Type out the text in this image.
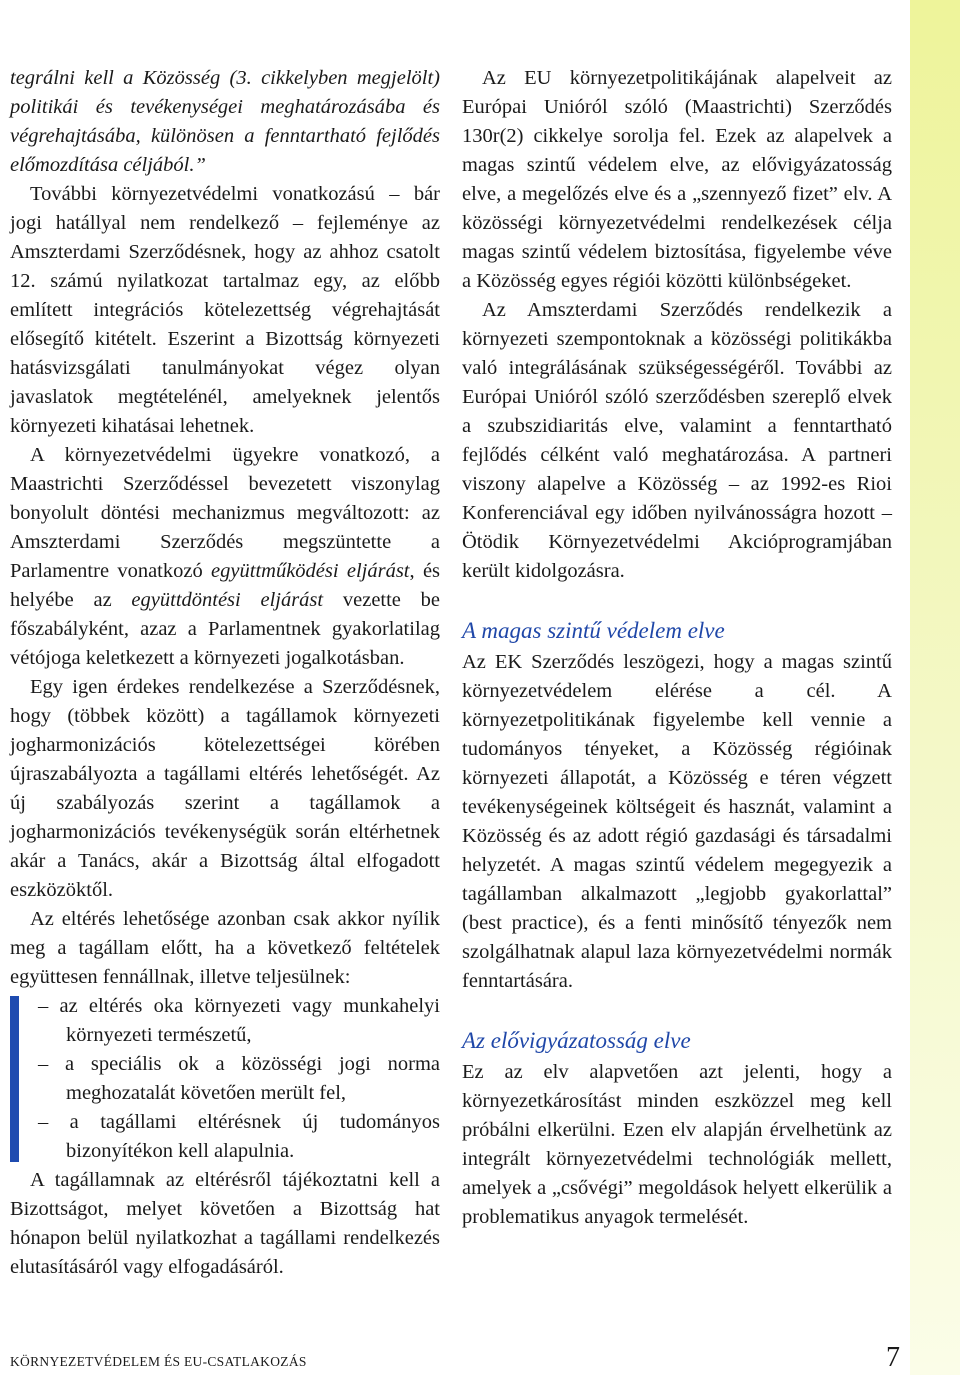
tegrálni kell a Közösség (3. cikkelyben megjelölt) politikái és tevékenységei meghatározásába és végrehajtásába, különösen a fenntartható fejlődés előmozdítása céljából.”

További környezetvédelmi vonatkozású – bár jogi hatállyal nem rendelkező – fejleménye az Amszterdami Szerződésnek, hogy az ahhoz csatolt 12. számú nyilatkozat tartalmaz egy, az előbb említett integrációs kötelezettség végrehajtását elősegítő kitételt. Eszerint a Bizottság környezeti hatásvizsgálati tanulmányokat végez olyan javaslatok megtételénél, amelyeknek jelentős környezeti kihatásai lehetnek.

A környezetvédelmi ügyekre vonatkozó, a Maastrichti Szerződéssel bevezetett viszonylag bonyolult döntési mechanizmus megváltozott: az Amszterdami Szerződés megszüntette a Parlamentre vonatkozó együttműködési eljárást, és helyébe az együttdöntési eljárást vezette be főszabályként, azaz a Parlamentnek gyakorlatilag vétójoga keletkezett a környezeti jogalkotásban.

Egy igen érdekes rendelkezése a Szerződésnek, hogy (többek között) a tagállamok környezeti jogharmonizációs kötelezettségei körében újraszabályozta a tagállami eltérés lehetőségét. Az új szabályozás szerint a tagállamok a jogharmonizációs tevékenységük során eltérhetnek akár a Tanács, akár a Bizottság által elfogadott eszközöktől.

Az eltérés lehetősége azonban csak akkor nyílik meg a tagállam előtt, ha a következő feltételek együttesen fennállnak, illetve teljesülnek:

– az eltérés oka környezeti vagy munkahelyi környezeti természetű,
– a speciális ok a közösségi jogi norma meghozatalát követően merült fel,
– a tagállami eltérésnek új tudományos bizonyítékon kell alapulnia.

A tagállamnak az eltérésről tájékoztatni kell a Bizottságot, melyet követően a Bizottság hat hónapon belül nyilatkozhat a tagállami rendelkezés elutasításáról vagy elfogadásáról.

Az EU környezetpolitikájának alapelveit az Európai Unióról szóló (Maastrichti) Szerződés 130r(2) cikkelye sorolja fel. Ezek az alapelvek a magas szintű védelem elve, az elővigyázatosság elve, a megelőzés elve és a „szennyező fizet” elv. A közösségi környezetvédelmi rendelkezések célja magas szintű védelem biztosítása, figyelembe véve a Közösség egyes régiói közötti különbségeket.

Az Amszterdami Szerződés rendelkezik a környezeti szempontoknak a közösségi politikákba való integrálásának szükségességéről. További az Európai Unióról szóló szerződésben szereplő elvek a szubszidiaritás elve, valamint a fenntartható fejlődés célként való meghatározása. A partneri viszony alapelve a Közösség – az 1992-es Rioi Konferenciával egy időben nyilvánosságra hozott – Ötödik Környezetvédelmi Akcióprogramjában került kidolgozásra.

A magas szintű védelem elve

Az EK Szerződés leszögezi, hogy a magas szintű környezetvédelem elérése a cél. A környezetpolitikának figyelembe kell vennie a tudományos tényeket, a Közösség régióinak környezeti állapotát, a Közösség e téren végzett tevékenységeinek költségeit és hasznát, valamint a Közösség és az adott régió gazdasági és társadalmi helyzetét. A magas szintű védelem megegyezik a tagállamban alkalmazott „legjobb gyakorlattal” (best practice), és a fenti minősítő tényezők nem szolgálhatnak alapul laza környezetvédelmi normák fenntartására.

Az elővigyázatosság elve

Ez az elv alapvetően azt jelenti, hogy a környezetkárosítást minden eszközzel meg kell próbálni elkerülni. Ezen elv alapján érvelhetünk az integrált környezetvédelmi technológiák mellett, amelyek a „csővégi” megoldások helyett elkerülik a problematikus anyagok termelését.

KÖRNYEZETVÉDELEM ÉS EU-CSATLAKOZÁS	7
